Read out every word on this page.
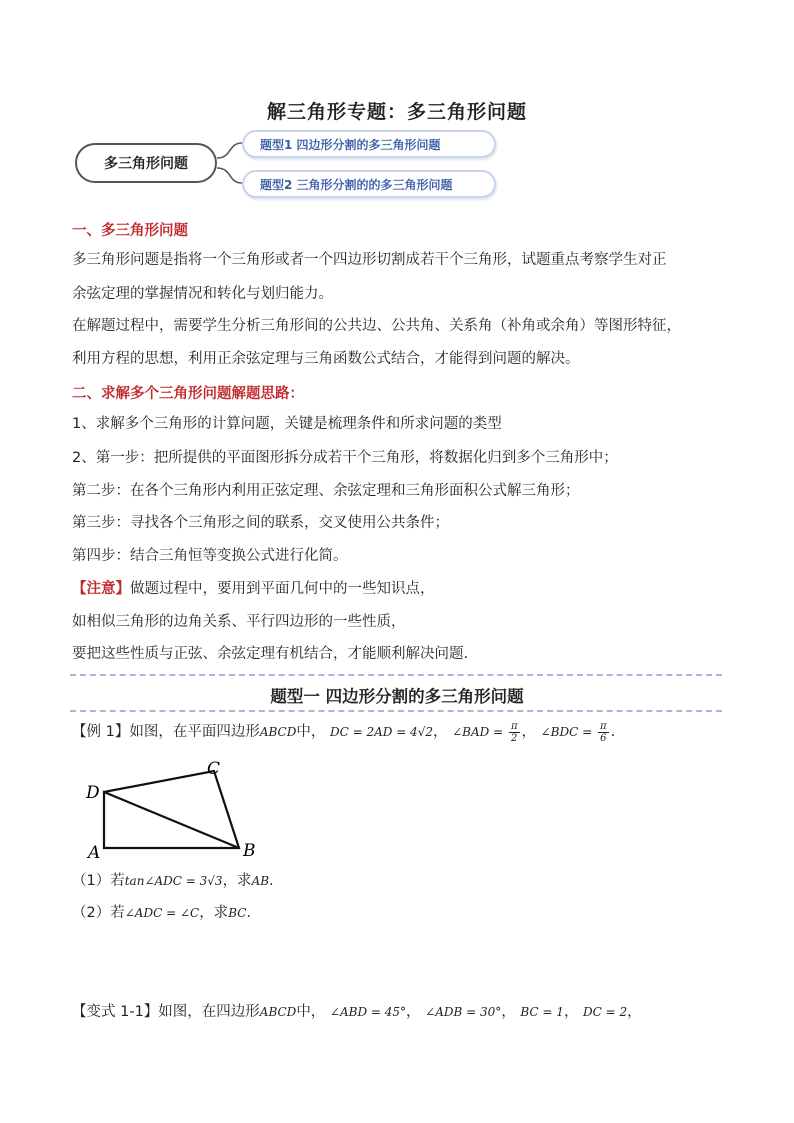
解三角形专题：多三角形问题
多三角形问题
题型1 四边形分割的多三角形问题
题型2 三角形分割的的多三角形问题
一、多三角形问题
多三角形问题是指将一个三角形或者一个四边形切割成若干个三角形，试题重点考察学生对正
余弦定理的掌握情况和转化与划归能力。
在解题过程中，需要学生分析三角形间的公共边、公共角、关系角（补角或余角）等图形特征，
利用方程的思想，利用正余弦定理与三角函数公式结合，才能得到问题的解决。
二、求解多个三角形问题解题思路：
1、求解多个三角形的计算问题，关键是梳理条件和所求问题的类型
2、第一步：把所提供的平面图形拆分成若干个三角形，将数据化归到多个三角形中；
第二步：在各个三角形内利用正弦定理、余弦定理和三角形面积公式解三角形；
第三步：寻找各个三角形之间的联系，交叉使用公共条件；
第四步：结合三角恒等变换公式进行化简。
【注意】做题过程中，要用到平面几何中的一些知识点，
如相似三角形的边角关系、平行四边形的一些性质，
要把这些性质与正弦、余弦定理有机结合，才能顺利解决问题.
题型一 四边形分割的多三角形问题
【例 1】如图，在平面四边形ABCD中， DC = 2AD = 4√2， ∠BAD = $\frac{\pi}{2}$ ， ∠BDC = $\frac{\pi}{6}$ .
D
C
A	B
（1）若tan∠ADC = 3√3，求AB.
（2）若∠ADC = ∠C，求BC.
【变式 1-1】如图，在四边形ABCD中， ∠ABD = 45°， ∠ADB = 30°， BC = 1， DC = 2，
